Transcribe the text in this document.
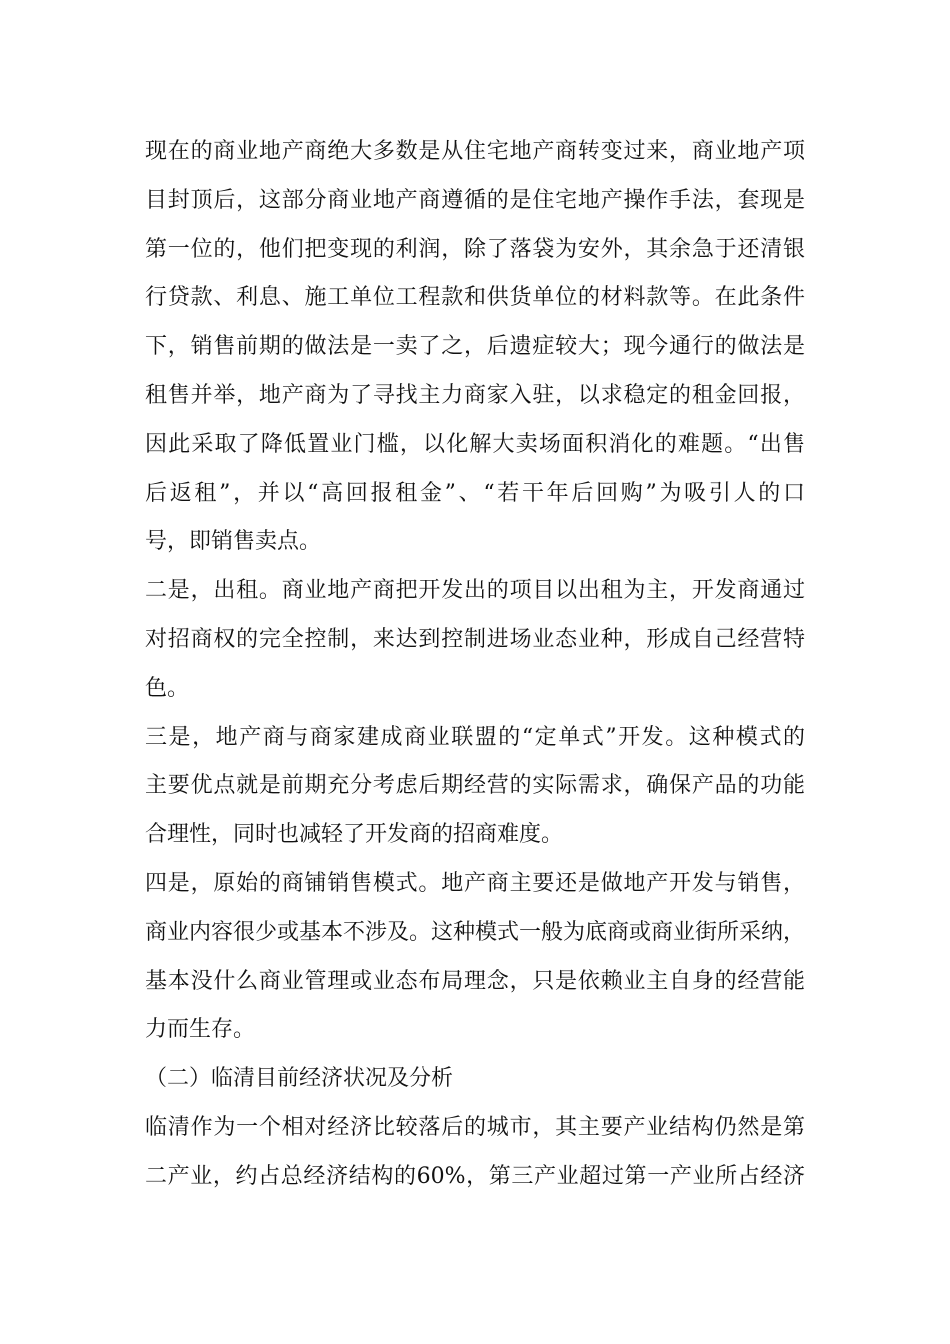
现在的商业地产商绝大多数是从住宅地产商转变过来，商业地产项
目封顶后，这部分商业地产商遵循的是住宅地产操作手法，套现是
第一位的，他们把变现的利润，除了落袋为安外，其余急于还清银
行贷款、利息、施工单位工程款和供货单位的材料款等。在此条件
下，销售前期的做法是一卖了之，后遗症较大；现今通行的做法是
租售并举，地产商为了寻找主力商家入驻，以求稳定的租金回报，
因此采取了降低置业门槛，以化解大卖场面积消化的难题。“出售
后返租”，并以“高回报租金”、“若干年后回购”为吸引人的口
号，即销售卖点。
二是，出租。商业地产商把开发出的项目以出租为主，开发商通过
对招商权的完全控制，来达到控制进场业态业种，形成自己经营特
色。
三是，地产商与商家建成商业联盟的“定单式”开发。这种模式的
主要优点就是前期充分考虑后期经营的实际需求，确保产品的功能
合理性，同时也减轻了开发商的招商难度。
四是，原始的商铺销售模式。地产商主要还是做地产开发与销售，
商业内容很少或基本不涉及。这种模式一般为底商或商业街所采纳，
基本没什么商业管理或业态布局理念，只是依赖业主自身的经营能
力而生存。
（二）临清目前经济状况及分析
临清作为一个相对经济比较落后的城市，其主要产业结构仍然是第
二产业，约占总经济结构的60%，第三产业超过第一产业所占经济
